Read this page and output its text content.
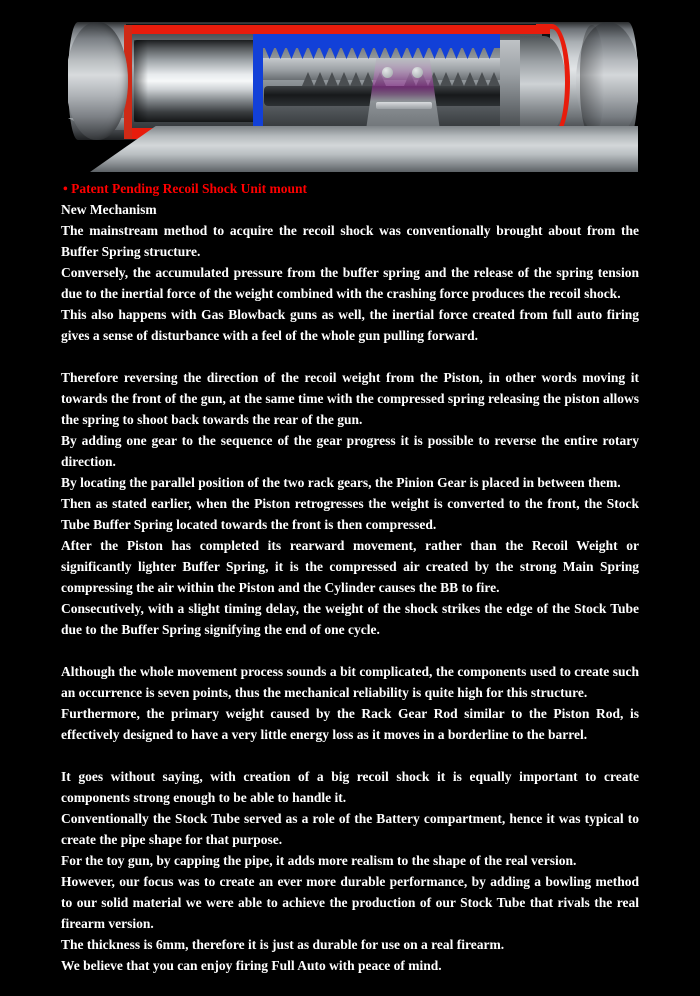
• Patent Pending Recoil Shock Unit mount
New Mechanism

The mainstream method to acquire the recoil shock was conventionally brought about from the Buffer Spring structure.

Conversely, the accumulated pressure from the buffer spring and the release of the spring tension due to the inertial force of the weight combined with the crashing force produces the recoil shock.

This also happens with Gas Blowback guns as well, the inertial force created from full auto firing gives a sense of disturbance with a feel of the whole gun pulling forward.

Therefore reversing the direction of the recoil weight from the Piston, in other words moving it towards the front of the gun, at the same time with the compressed spring releasing the piston allows the spring to shoot back towards the rear of the gun.

By adding one gear to the sequence of the gear progress it is possible to reverse the entire rotary direction.

By locating the parallel position of the two rack gears, the Pinion Gear is placed in between them.

Then as stated earlier, when the Piston retrogresses the weight is converted to the front, the Stock Tube Buffer Spring located towards the front is then compressed.

After the Piston has completed its rearward movement, rather than the Recoil Weight or significantly lighter Buffer Spring, it is the compressed air created by the strong Main Spring compressing the air within the Piston and the Cylinder causes the BB to fire.

Consecutively, with a slight timing delay, the weight of the shock strikes the edge of the Stock Tube due to the Buffer Spring signifying the end of one cycle.

Although the whole movement process sounds a bit complicated, the components used to create such an occurrence is seven points, thus the mechanical reliability is quite high for this structure.

Furthermore, the primary weight caused by the Rack Gear Rod similar to the Piston Rod, is effectively designed to have a very little energy loss as it moves in a borderline to the barrel.

It goes without saying, with creation of a big recoil shock it is equally important to create components strong enough to be able to handle it.

Conventionally the Stock Tube served as a role of the Battery compartment, hence it was typical to create the pipe shape for that purpose.

For the toy gun, by capping the pipe, it adds more realism to the shape of the real version.

However, our focus was to create an ever more durable performance, by adding a bowling method to our solid material we were able to achieve the production of our Stock Tube that rivals the real firearm version.

The thickness is 6mm, therefore it is just as durable for use on a real firearm.

We believe that you can enjoy firing Full Auto with peace of mind.
